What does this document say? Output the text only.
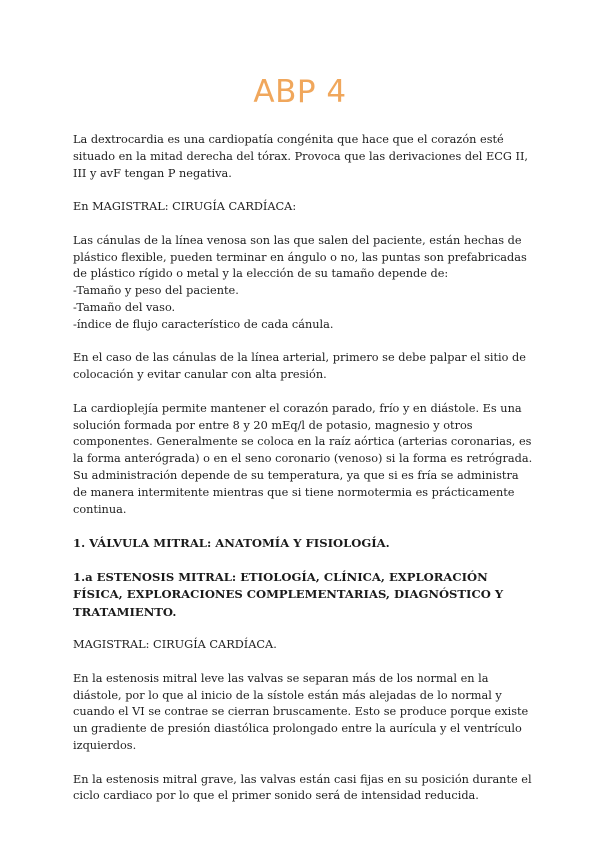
ABP 4

La dextrocardia es una cardiopatía congénita que hace que el corazón esté situado en la mitad derecha del tórax. Provoca que las derivaciones del ECG II, III y avF tengan P negativa.

En MAGISTRAL: CIRUGÍA CARDÍACA:

Las cánulas de la línea venosa son las que salen del paciente, están hechas de plástico flexible, pueden terminar en ángulo o no, las puntas son prefabricadas de plástico rígido o metal y la elección de su tamaño depende de:
-Tamaño y peso del paciente.
-Tamaño del vaso.
-índice de flujo característico de cada cánula.

En el caso de las cánulas de la línea arterial, primero se debe palpar el sitio de colocación y evitar canular con alta presión.

La cardioplejía permite mantener el corazón parado, frío y en diástole. Es una solución formada por entre 8 y 20 mEq/l de potasio, magnesio y otros componentes. Generalmente se coloca en la raíz aórtica (arterias coronarias, es la forma anterógrada) o en el seno coronario (venoso) si la forma es retrógrada.
Su administración depende de su temperatura, ya que si es fría se administra de manera intermitente mientras que si tiene normotermia es prácticamente continua.

1. VÁLVULA MITRAL: ANATOMÍA Y FISIOLOGÍA.
1.a ESTENOSIS MITRAL: ETIOLOGÍA, CLÍNICA, EXPLORACIÓN FÍSICA, EXPLORACIONES COMPLEMENTARIAS, DIAGNÓSTICO Y TRATAMIENTO.

MAGISTRAL: CIRUGÍA CARDÍACA.

En la estenosis mitral leve las valvas se separan más de los normal en la diástole, por lo que al inicio de la sístole están más alejadas de lo normal y cuando el VI se contrae se cierran bruscamente. Esto se produce porque existe un gradiente de presión diastólica prolongado entre la aurícula y el ventrículo izquierdos.

En la estenosis mitral grave, las valvas están casi fijas en su posición durante el ciclo cardiaco por lo que el primer sonido será de intensidad reducida.
